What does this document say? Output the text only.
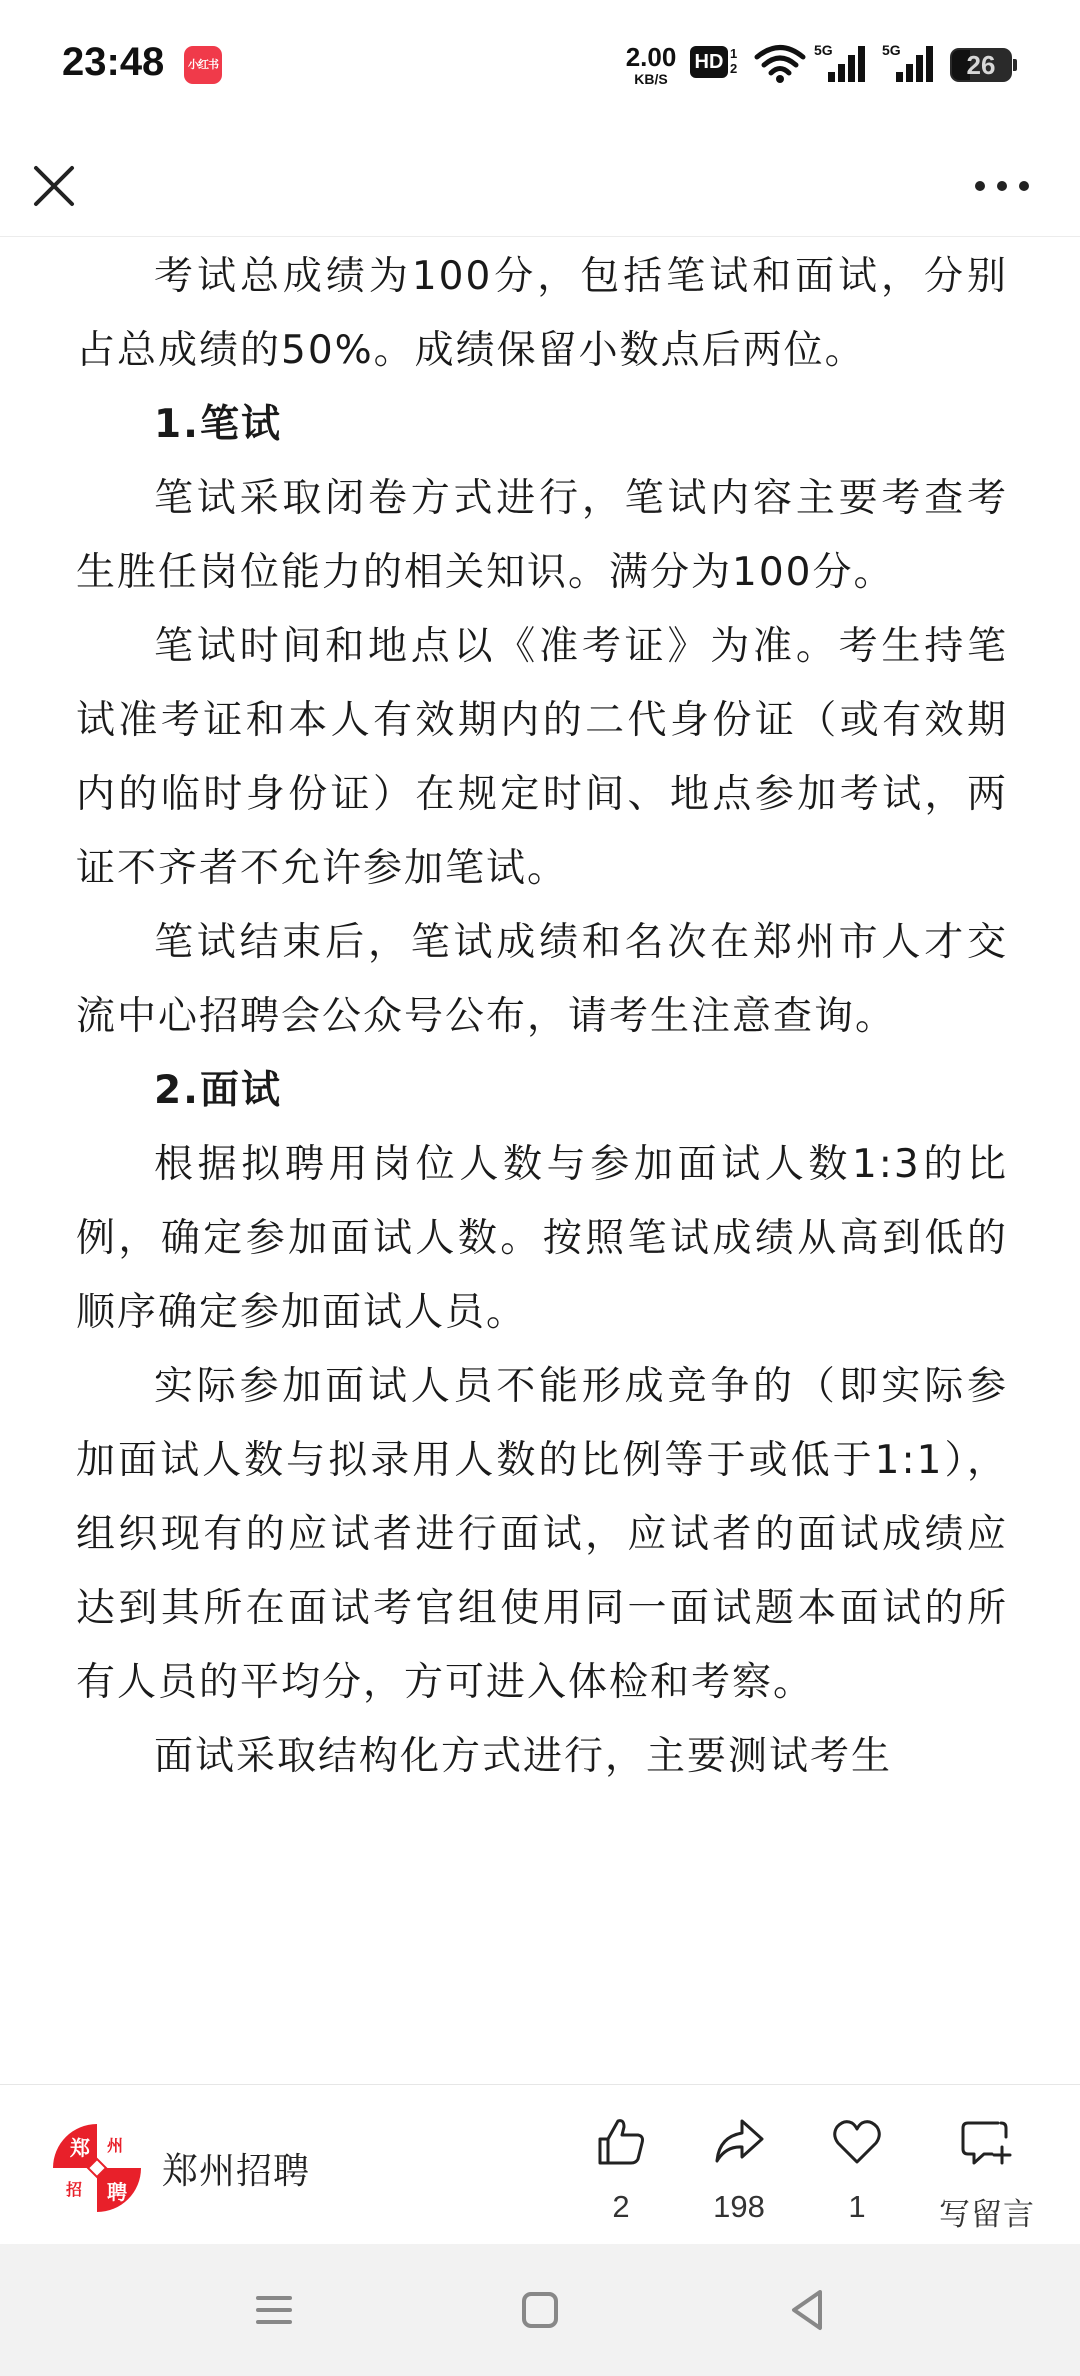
23:48	小红书	2.00
KB/S
HD 1
2
5G	5G	26

考试总成绩为100分，包括笔试和面试，分别占总成绩的50%。成绩保留小数点后两位。

1.笔试

笔试采取闭卷方式进行，笔试内容主要考查考生胜任岗位能力的相关知识。满分为100分。

笔试时间和地点以《准考证》为准。考生持笔试准考证和本人有效期内的二代身份证（或有效期内的临时身份证）在规定时间、地点参加考试，两证不齐者不允许参加笔试。

笔试结束后，笔试成绩和名次在郑州市人才交流中心招聘会公众号公布，请考生注意查询。

2.面试

根据拟聘用岗位人数与参加面试人数1:3的比例，确定参加面试人数。按照笔试成绩从高到低的顺序确定参加面试人员。

实际参加面试人员不能形成竞争的（即实际参加面试人数与拟录用人数的比例等于或低于1:1），组织现有的应试者进行面试，应试者的面试成绩应达到其所在面试考官组使用同一面试题本面试的所有人员的平均分，方可进入体检和考察。

面试采取结构化方式进行，主要测试考生

郑 州
招 聘 郑州招聘
2	198	1	写留言
